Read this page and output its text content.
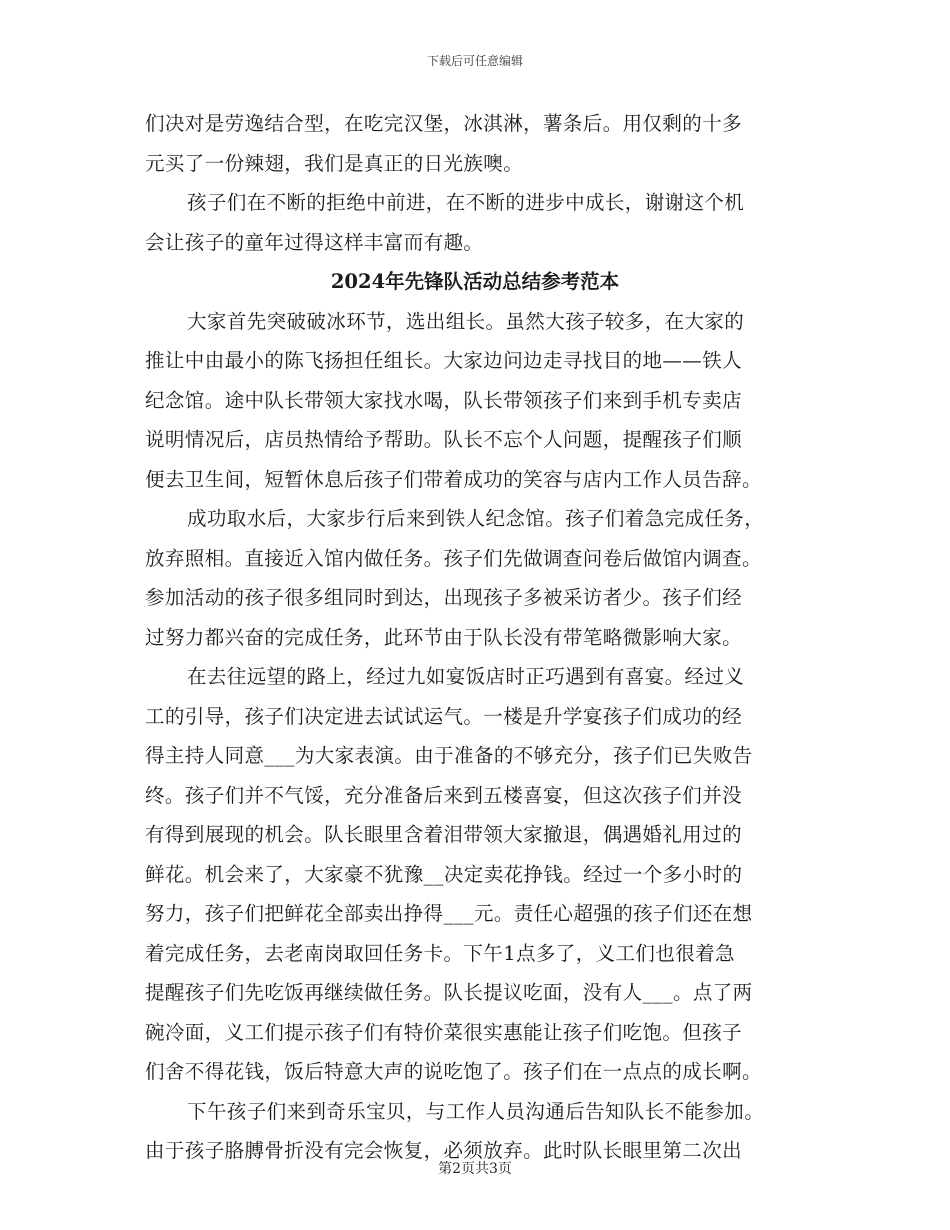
下载后可任意编辑
们决对是劳逸结合型，在吃完汉堡，冰淇淋，薯条后。用仅剩的十多
元买了一份辣翅，我们是真正的日光族噢。
孩子们在不断的拒绝中前进，在不断的进步中成长，谢谢这个机
会让孩子的童年过得这样丰富而有趣。
2024年先锋队活动总结参考范本
大家首先突破破冰环节，选出组长。虽然大孩子较多，在大家的
推让中由最小的陈飞扬担任组长。大家边问边走寻找目的地——铁人
纪念馆。途中队长带领大家找水喝，队长带领孩子们来到手机专卖店
说明情况后，店员热情给予帮助。队长不忘个人问题，提醒孩子们顺
便去卫生间，短暂休息后孩子们带着成功的笑容与店内工作人员告辞。
成功取水后，大家步行后来到铁人纪念馆。孩子们着急完成任务，
放弃照相。直接近入馆内做任务。孩子们先做调查问卷后做馆内调查。
参加活动的孩子很多组同时到达，出现孩子多被采访者少。孩子们经
过努力都兴奋的完成任务，此环节由于队长没有带笔略微影响大家。
在去往远望的路上，经过九如宴饭店时正巧遇到有喜宴。经过义
工的引导，孩子们决定进去试试运气。一楼是升学宴孩子们成功的经
得主持人同意___为大家表演。由于准备的不够充分，孩子们已失败告
终。孩子们并不气馁，充分准备后来到五楼喜宴，但这次孩子们并没
有得到展现的机会。队长眼里含着泪带领大家撤退，偶遇婚礼用过的
鲜花。机会来了，大家豪不犹豫__决定卖花挣钱。经过一个多小时的
努力，孩子们把鲜花全部卖出挣得___元。责任心超强的孩子们还在想
着完成任务，去老南岗取回任务卡。下午1点多了，义工们也很着急
提醒孩子们先吃饭再继续做任务。队长提议吃面，没有人___。点了两
碗冷面，义工们提示孩子们有特价菜很实惠能让孩子们吃饱。但孩子
们舍不得花钱，饭后特意大声的说吃饱了。孩子们在一点点的成长啊。
下午孩子们来到奇乐宝贝，与工作人员沟通后告知队长不能参加。
由于孩子胳膊骨折没有完会恢复，必须放弃。此时队长眼里第二次出
第2页共3页
